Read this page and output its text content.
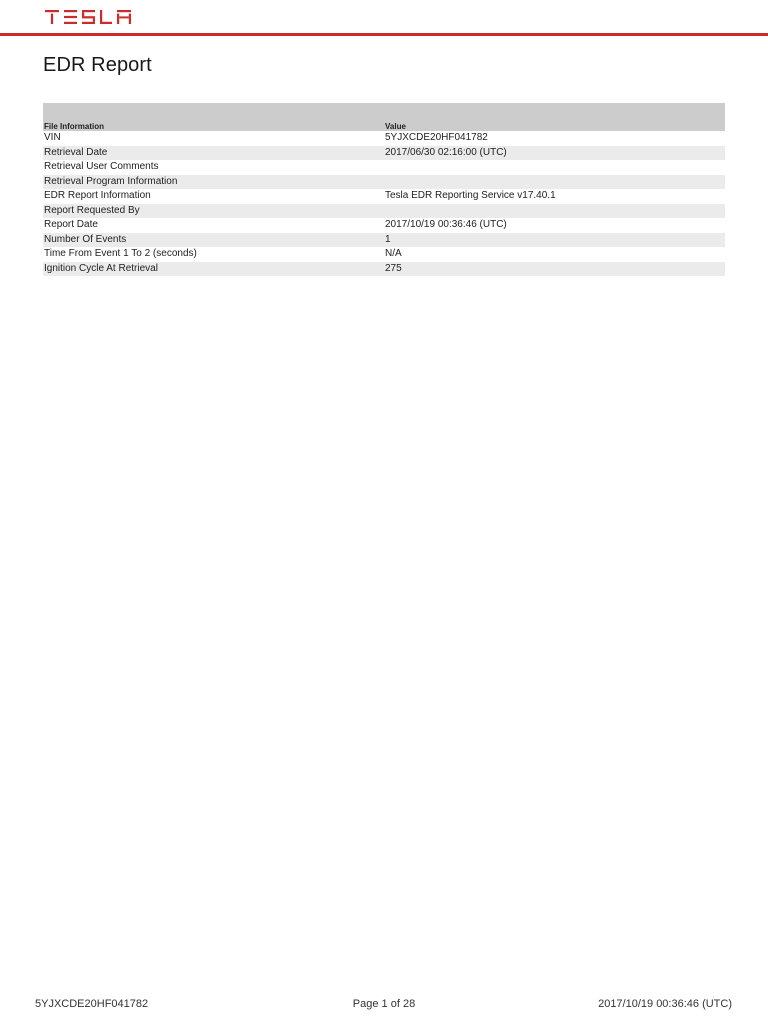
EDR Report
File Information	Value
VIN	5YJXCDE20HF041782
Retrieval Date	2017/06/30 02:16:00 (UTC)
Retrieval User Comments	
Retrieval Program Information	
EDR Report Information	Tesla EDR Reporting Service v17.40.1
Report Requested By	
Report Date	2017/10/19 00:36:46 (UTC)
Number Of Events	1
Time From Event 1 To 2 (seconds)	N/A
Ignition Cycle At Retrieval	275
Page 1 of 28
5YJXCDE20HF041782	2017/10/19 00:36:46 (UTC)
